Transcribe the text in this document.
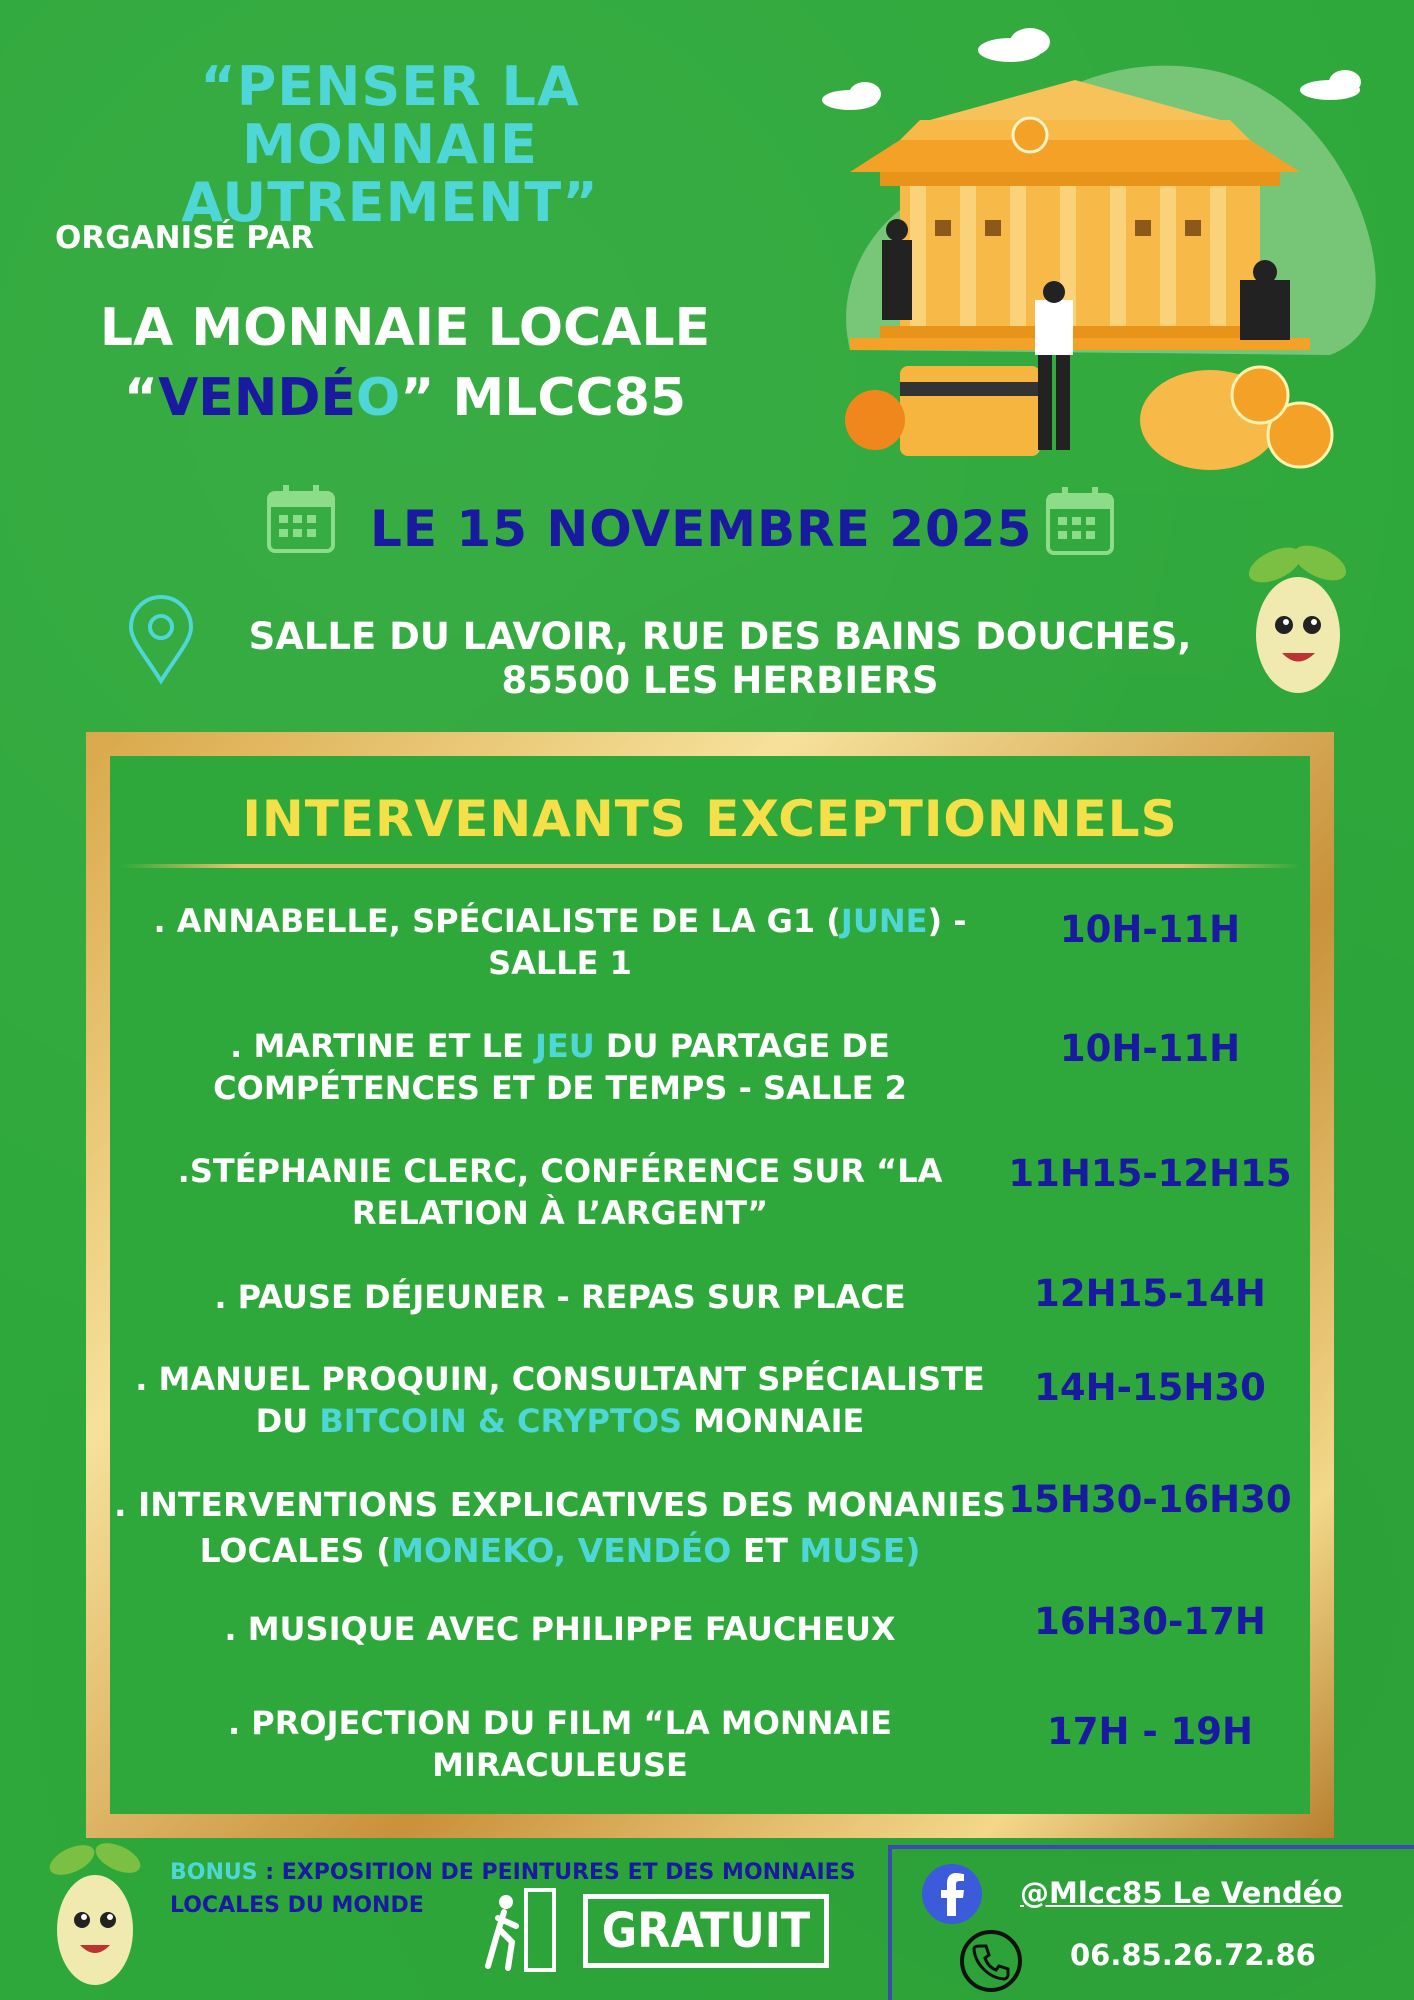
“PENSER LA MONNAIE AUTREMENT”
ORGANISÉ PAR
LA MONNAIE LOCALE
“VENDÉO” MLCC85
LE 15 NOVEMBRE 2025
SALLE DU LAVOIR, RUE DES BAINS DOUCHES,
85500 LES HERBIERS
INTERVENANTS EXCEPTIONNELS
. ANNABELLE, SPÉCIALISTE DE LA G1 (JUNE) -
SALLE 1
10H-11H
. MARTINE ET LE JEU DU PARTAGE DE
COMPÉTENCES ET DE TEMPS - SALLE 2
10H-11H
.STÉPHANIE CLERC, CONFÉRENCE SUR “LA
RELATION À L’ARGENT”
11H15-12H15
. PAUSE DÉJEUNER - REPAS SUR PLACE	12H15-14H
. MANUEL PROQUIN, CONSULTANT SPÉCIALISTE
DU BITCOIN & CRYPTOS MONNAIE
14H-15H30
. INTERVENTIONS EXPLICATIVES DES MONANIES
LOCALES (MONEKO, VENDÉO ET MUSE)
15H30-16H30
. MUSIQUE AVEC PHILIPPE FAUCHEUX	16H30-17H
. PROJECTION DU FILM “LA MONNAIE
MIRACULEUSE
17H - 19H
BONUS : EXPOSITION DE PEINTURES ET DES MONNAIES
LOCALES DU MONDE	GRATUIT
@Mlcc85 Le Vendéo
06.85.26.72.86
